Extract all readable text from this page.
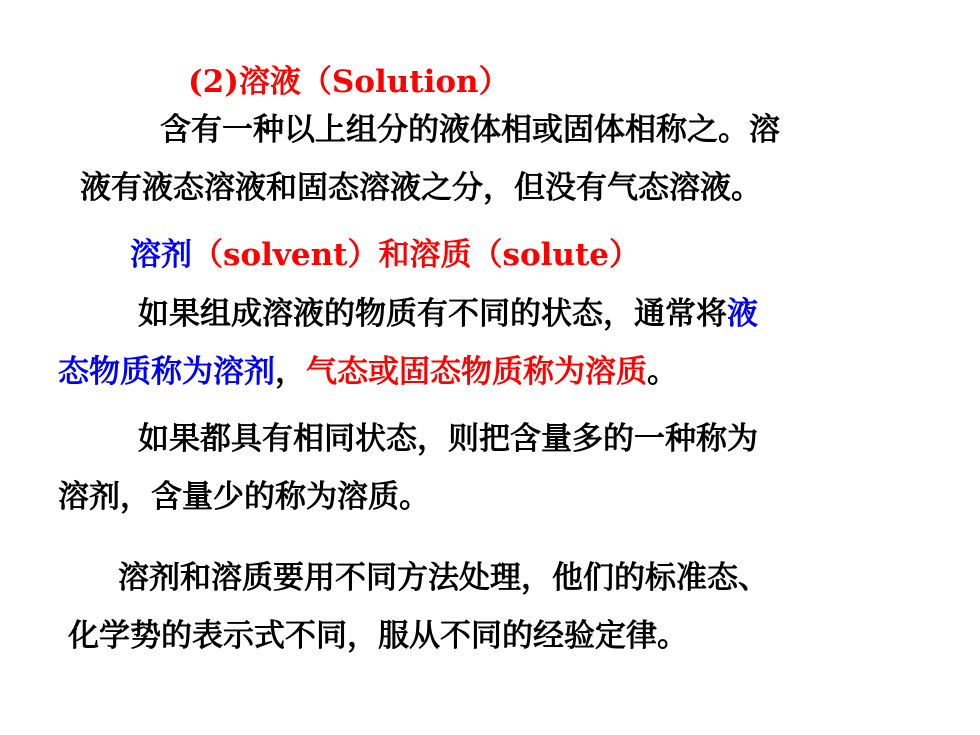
(2)溶液（Solution）
含有一种以上组分的液体相或固体相称之。溶
液有液态溶液和固态溶液之分，但没有气态溶液。
溶剂（solvent）和溶质（solute）
如果组成溶液的物质有不同的状态，通常将液
态物质称为溶剂，气态或固态物质称为溶质。
如果都具有相同状态，则把含量多的一种称为
溶剂，含量少的称为溶质。
溶剂和溶质要用不同方法处理，他们的标准态、
化学势的表示式不同，服从不同的经验定律。
